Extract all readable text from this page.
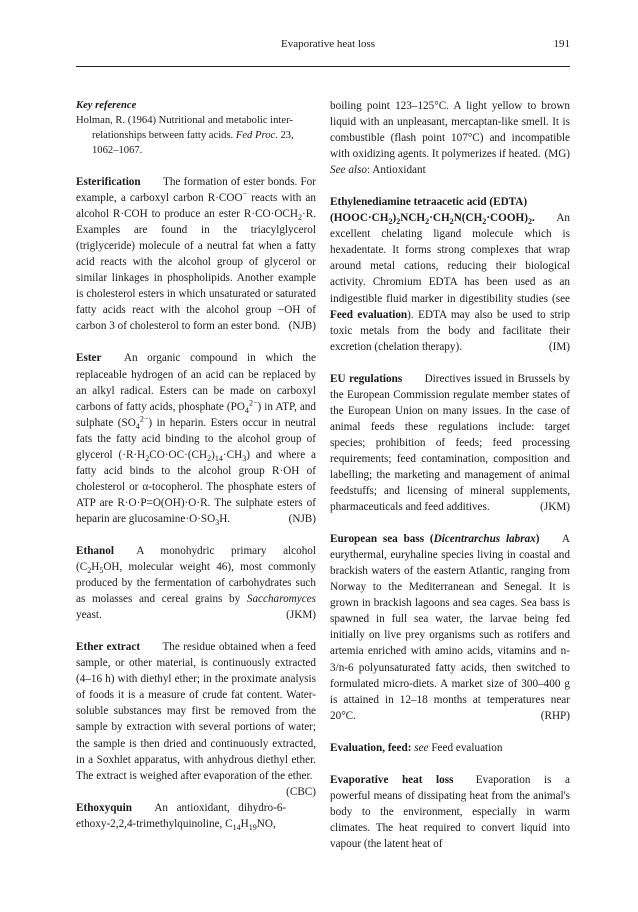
Evaporative heat loss	191

Key reference

Holman, R. (1964) Nutritional and metabolic inter-relationships between fatty acids. Fed Proc. 23, 1062–1067.

Esterification   The formation of ester bonds. For example, a carboxyl carbon R·COO− reacts with an alcohol R·COH to produce an ester $R\cdot CO\cdot OCH_2\cdot R$. Examples are found in the triacylglycerol (triglyceride) molecule of a neutral fat when a fatty acid reacts with the alcohol group of glycerol or similar linkages in phospholipids. Another example is cholesterol esters in which unsaturated or saturated fatty acids react with the alcohol group −OH of carbon 3 of cholesterol to form an ester bond. (NJB)

Ester   An organic compound in which the replaceable hydrogen of an acid can be replaced by an alkyl radical. Esters can be made on carboxyl carbons of fatty acids, phosphate $(PO_4^{2-})$ in ATP, and sulphate $(SO_4^{2-})$ in heparin. Esters occur in neutral fats the fatty acid binding to the alcohol group of glycerol $(\cdot R\cdot H_2CO\cdot OC\cdot(CH_2)_{14}\cdot CH_3)$ and where a fatty acid binds to the alcohol group R·OH of cholesterol or α-tocopherol. The phosphate esters of ATP are R·O·P=O(OH)·O·R. The sulphate esters of heparin are $glucosamine\cdot O\cdot SO_3H$.	(NJB)

Ethanol   A monohydric primary alcohol ($C_2H_5OH$, molecular weight 46), most commonly produced by the fermentation of carbohydrates such as molasses and cereal grains by Saccharomyces yeast.	(JKM)

Ether extract   The residue obtained when a feed sample, or other material, is continuously extracted (4–16 h) with diethyl ether; in the proximate analysis of foods it is a measure of crude fat content. Water-soluble substances may first be removed from the sample by extraction with several portions of water; the sample is then dried and continuously extracted, in a Soxhlet apparatus, with anhydrous diethyl ether. The extract is weighed after evaporation of the ether.
(CBC)

Ethoxyquin   An antioxidant, dihydro-6-ethoxy-2,2,4-trimethylquinoline, $C_{14}H_{19}NO$,

boiling point 123–125°C. A light yellow to brown liquid with an unpleasant, mercaptan-like smell. It is combustible (flash point 107°C) and incompatible with oxidizing agents. It polymerizes if heated. (MG)

See also: Antioxidant

Ethylenediamine tetraacetic acid (EDTA)
$(HOOC\cdot CH_2)_2NCH_2\cdot CH_2N(CH_2\cdot COOH)_2$. An excellent chelating ligand molecule which is hexadentate. It forms strong complexes that wrap around metal cations, reducing their biological activity. Chromium EDTA has been used as an indigestible fluid marker in digestibility studies (see Feed evaluation). EDTA may also be used to strip toxic metals from the body and facilitate their excretion (chelation therapy).	(IM)

EU regulations   Directives issued in Brussels by the European Commission regulate member states of the European Union on many issues. In the case of animal feeds these regulations include: target species; prohibition of feeds; feed processing requirements; feed contamination, composition and labelling; the marketing and management of animal feedstuffs; and licensing of mineral supplements, pharmaceuticals and feed additives.	(JKM)

European sea bass (Dicentrarchus labrax)   A eurythermal, euryhaline species living in coastal and brackish waters of the eastern Atlantic, ranging from Norway to the Mediterranean and Senegal. It is grown in brackish lagoons and sea cages. Sea bass is spawned in full sea water, the larvae being fed initially on live prey organisms such as rotifers and artemia enriched with amino acids, vitamins and n-3/n-6 polyunsaturated fatty acids, then switched to formulated micro-diets. A market size of 300–400 g is attained in 12–18 months at temperatures near 20°C.	(RHP)

Evaluation, feed: see Feed evaluation

Evaporative heat loss   Evaporation is a powerful means of dissipating heat from the animal's body to the environment, especially in warm climates. The heat required to convert liquid into vapour (the latent heat of
